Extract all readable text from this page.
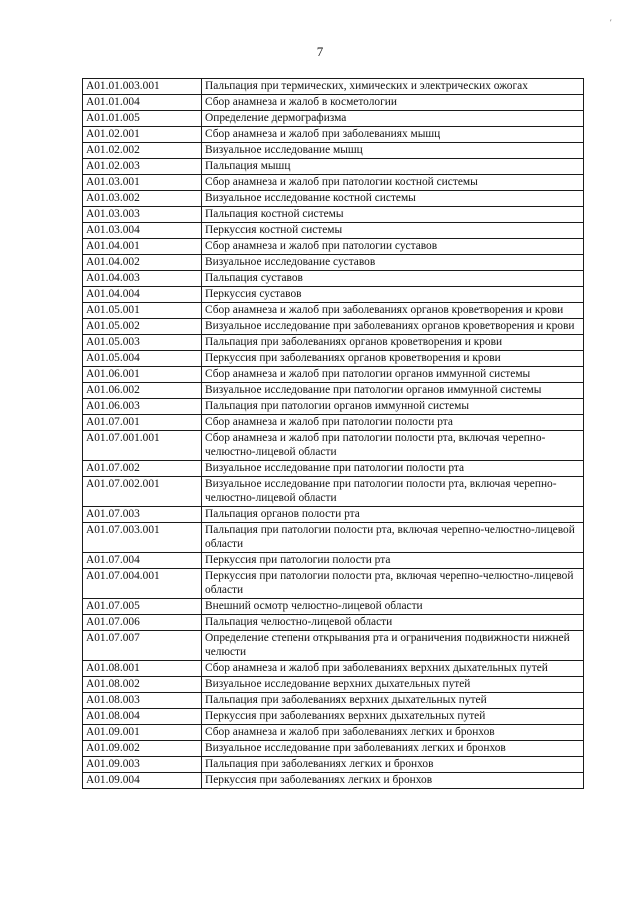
′
7
A01.01.003.001	Пальпация при термических, химических и электрических ожогах
A01.01.004	Сбор анамнеза и жалоб в косметологии
A01.01.005	Определение дермографизма
A01.02.001	Сбор анамнеза и жалоб при заболеваниях мышц
A01.02.002	Визуальное исследование мышц
A01.02.003	Пальпация мышц
A01.03.001	Сбор анамнеза и жалоб при патологии костной системы
A01.03.002	Визуальное исследование костной системы
A01.03.003	Пальпация костной системы
A01.03.004	Перкуссия костной системы
A01.04.001	Сбор анамнеза и жалоб при патологии суставов
A01.04.002	Визуальное исследование суставов
A01.04.003	Пальпация суставов
A01.04.004	Перкуссия суставов
A01.05.001	Сбор анамнеза и жалоб при заболеваниях органов кроветворения и крови
A01.05.002	Визуальное исследование при заболеваниях органов кроветворения и крови
A01.05.003	Пальпация при заболеваниях органов кроветворения и крови
A01.05.004	Перкуссия при заболеваниях органов кроветворения и крови
A01.06.001	Сбор анамнеза и жалоб при патологии органов иммунной системы
A01.06.002	Визуальное исследование при патологии органов иммунной системы
A01.06.003	Пальпация при патологии органов иммунной системы
A01.07.001	Сбор анамнеза и жалоб при патологии полости рта
A01.07.001.001	Сбор анамнеза и жалоб при патологии полости рта, включая черепно-челюстно-лицевой области
A01.07.002	Визуальное исследование при патологии полости рта
A01.07.002.001	Визуальное исследование при патологии полости рта, включая черепно-челюстно-лицевой области
A01.07.003	Пальпация органов полости рта
A01.07.003.001	Пальпация при патологии полости рта, включая черепно-челюстно-лицевой области
A01.07.004	Перкуссия при патологии полости рта
A01.07.004.001	Перкуссия при патологии полости рта, включая черепно-челюстно-лицевой области
A01.07.005	Внешний осмотр челюстно-лицевой области
A01.07.006	Пальпация челюстно-лицевой области
A01.07.007	Определение степени открывания рта и ограничения подвижности нижней челюсти
A01.08.001	Сбор анамнеза и жалоб при заболеваниях верхних дыхательных путей
A01.08.002	Визуальное исследование верхних дыхательных путей
A01.08.003	Пальпация при заболеваниях верхних дыхательных путей
A01.08.004	Перкуссия при заболеваниях верхних дыхательных путей
A01.09.001	Сбор анамнеза и жалоб при заболеваниях легких и бронхов
A01.09.002	Визуальное исследование при заболеваниях легких и бронхов
A01.09.003	Пальпация при заболеваниях легких и бронхов
A01.09.004	Перкуссия при заболеваниях легких и бронхов
